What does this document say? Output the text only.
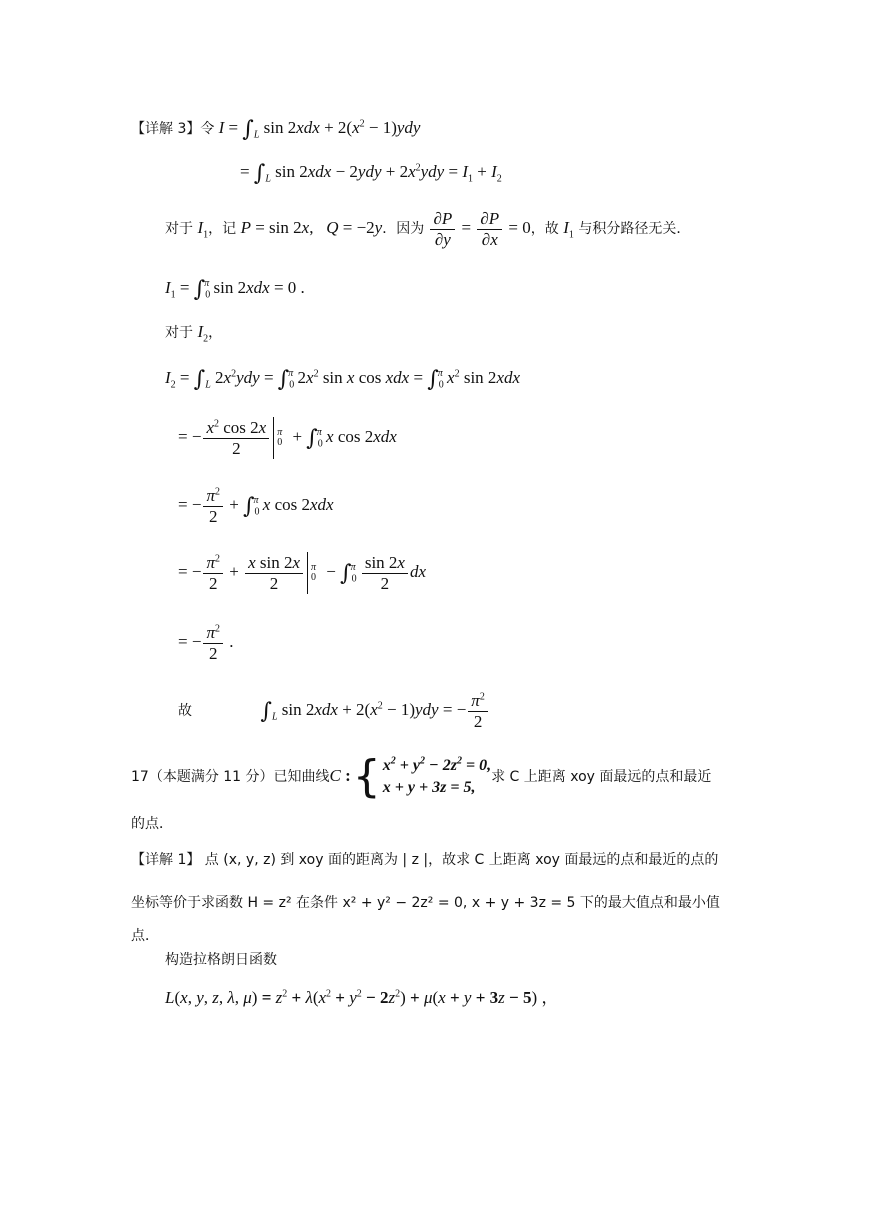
【详解 3】令 $I = \int_L$ $\sin 2xdx + 2(x^2 - 1)ydy$
= $\int_L$ $\sin 2xdx - 2ydy + 2x^2ydy = I_1 + I_2$
对于 $I_1$，记 P = sin 2x,   Q = −2y．因为 $\frac{\partial P}{\partial y} = \frac{\partial P}{\partial x} = 0$，故 $I_1$ 与积分路径无关．
$I_1 = \int_0^\pi$ sin 2xdx = 0 .
对于 $I_2$，
$I_2 = \int_L$ $2x^2ydy = \int_0^\pi$ $2x^2$ sin x cos xdx = $\int_0^\pi$ $x^2$ sin 2xdx
= − $\frac{x^2 \cos 2x}{2}$ π
$0 + \int_0^\pi$ x cos 2xdx
= − $\frac{\pi^2}{2} + \int_0^\pi$ x cos 2xdx
= − $\frac{\pi^2}{2} + \frac{\text{x sin 2x}}{2}$ π
$0 - \int_0^\pi \frac{\sin 2x}{2}$ dx
= − $\frac{\pi^2}{2}$ .
故	$\int_L$ $\sin 2xdx + 2(x^2 - 1)ydy$ = − $\frac{\pi^2}{2}$
17（本题满分 11 分）已知曲线C :{ $x^2 + y^2 - 2z^2 = 0$,
x + y + 3z = 5,
求 C 上距离 xoy 面最远的点和最近
的点．
【详解 1】 点 (x, y, z) 到 xoy 面的距离为 | z |，故求 C 上距离 xoy 面最远的点和最近的点的
坐标等价于求函数 H = z² 在条件 x² + y² − 2z² = 0, x + y + 3z = 5 下的最大值点和最小值
点．
构造拉格朗日函数
L(x, y, z, λ, $\mu) = z^2 + \lambda(x^2 + y^2 - 2z^2) + \mu(x + y + 3z - 5)$ ，
